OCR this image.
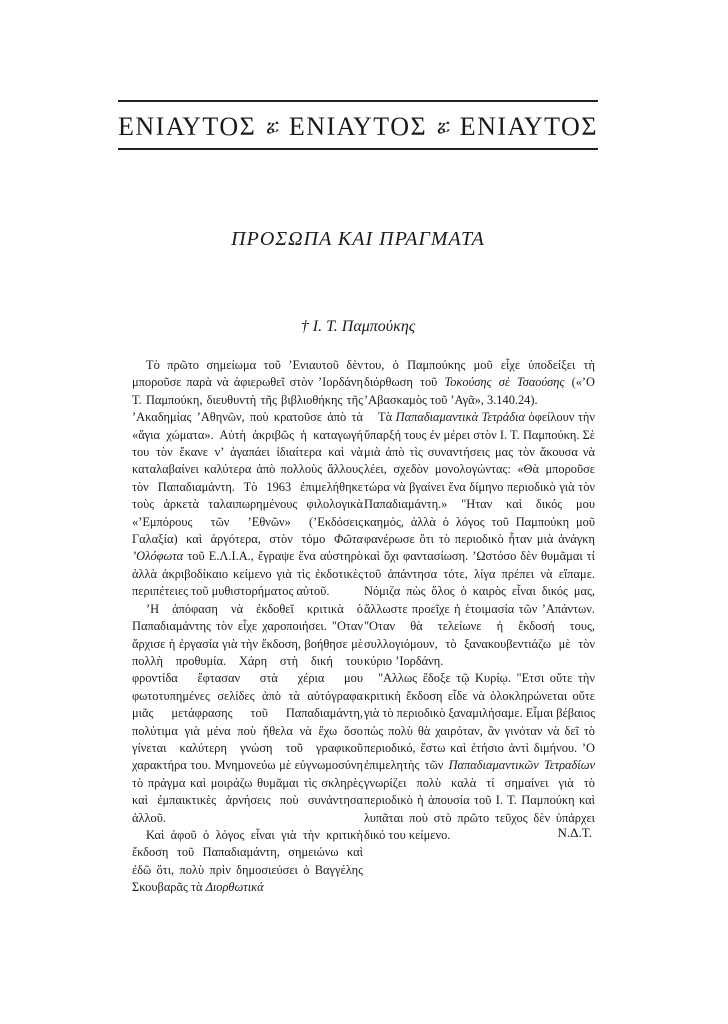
ΕΝΙΑΥΤΟΣ ፚ ΕΝΙΑΥΤΟΣ ፚ ΕΝΙΑΥΤΟΣ
ΠΡΟΣΩΠΑ ΚΑΙ ΠΡΑΓΜΑΤΑ
† Ι. Τ. Παμπούκης

Τὸ πρῶτο σημείωμα τοῦ ’Ενιαυτοῦ δὲν μποροῦσε παρὰ νὰ ἀφιερωθεῖ στὸν ’Ιορδάνη Τ. Παμπούκη, διευθυντὴ τῆς βιβλιοθήκης τῆς ’Ακαδημίας ’Αθηνῶν, ποὺ κρατοῦσε ἀπὸ τὰ «ἅγια χώματα». Αὐτὴ ἀκριβῶς ἡ καταγωγή του τὸν ἔκανε ν’ ἀγαπάει ἰδιαίτερα καὶ νὰ καταλαβαίνει καλύτερα ἀπὸ πολλοὺς ἄλλους τὸν Παπαδιαμάντη. Τὸ 1963 ἐπιμελήθηκε τοὺς ἀρκετὰ ταλαιπωρημένους φιλολογικὰ «’Εμπόρους τῶν ’Εθνῶν» (’Εκδόσεις Γαλαξία) καὶ ἀργότερα, στὸν τόμο Φῶτα ’Ολόφωτα τοῦ Ε.Λ.Ι.Α., ἔγραψε ἕνα αὐστηρὸ ἀλλὰ ἀκριβοδίκαιο κείμενο γιὰ τὶς ἐκδοτικὲς περιπέτειες τοῦ μυθιστορήματος αὐτοῦ.

’Η ἀπόφαση νὰ ἐκδοθεῖ κριτικὰ ὁ Παπαδιαμάντης τὸν εἶχε χαροποιήσει. "Οταν ἄρχισε ἡ ἐργασία γιὰ τὴν ἔκδοση, βοήθησε μὲ πολλὴ προθυμία. Χάρη στὴ δική του φροντίδα ἔφτασαν στὰ χέρια μου φωτοτυπημένες σελίδες ἀπὸ τὰ αὐτόγραφα μιᾶς μετάφρασης τοῦ Παπαδιαμάντη, πολύτιμα γιὰ μένα ποὺ ἤθελα νὰ ἔχω ὅσο γίνεται καλύτερη γνώση τοῦ γραφικοῦ χαρακτήρα του. Μνημονεύω μὲ εὐγνωμοσύνη τὸ πράγμα καὶ μοιράζω θυμᾶμαι τὶς σκληρὲς καὶ ἐμπαικτικὲς ἀρνήσεις ποὺ συνάντησα ἀλλοῦ.

Καὶ ἀφοῦ ὁ λόγος εἶναι γιὰ τὴν κριτικὴ ἔκδοση τοῦ Παπαδιαμάντη, σημειώνω καὶ ἐδῶ ὅτι, πολὺ πρὶν δημοσιεύσει ὁ Βαγγέλης Σκουβαρᾶς τὰ Διορθωτικά

του, ὁ Παμπούκης μοῦ εἶχε ὑποδείξει τὴ διόρθωση τοῦ Τοκούσης σὲ Τσαούσης («’Ο ’Αβασκαμὸς τοῦ ’Αγᾶ», 3.140.24).

Τὰ Παπαδιαμαντικὰ Τετράδια ὀφείλουν τὴν ὕπαρξή τους ἐν μέρει στὸν Ι. Τ. Παμπούκη. Σὲ μιὰ ἀπὸ τὶς συναντήσεις μας τὸν ἄκουσα νὰ λέει, σχεδὸν μονολογώντας: «Θὰ μποροῦσε τώρα νὰ βγαίνει ἕνα δίμηνο περιοδικὸ γιὰ τὸν Παπαδιαμάντη.» "Ηταν καὶ δικός μου καημός, ἀλλὰ ὁ λόγος τοῦ Παμπούκη μοῦ φανέρωσε ὅτι τὸ περιοδικὸ ἦταν μιὰ ἀνάγκη καὶ ὄχι φαντασίωση. ’Ωστόσο δὲν θυμᾶμαι τί τοῦ ἀπάντησα τότε, λίγα πρέπει νὰ εἴπαμε. Νόμιζα πὼς ὅλος ὁ καιρὸς εἶναι δικός μας, ἄλλωστε προεῖχε ἡ ἑτοιμασία τῶν ’Απάντων. "Οταν θὰ τελείωνε ἡ ἔκδοσή τους, συλλογιόμουν, τὸ ξανακουβεντιάζω μὲ τὸν κύριο ’Ιορδάνη.

"Αλλως ἔδοξε τῷ Κυρίῳ. "Ετσι οὔτε τὴν κριτικὴ ἔκδοση εἶδε νὰ ὁλοκληρώνεται οὔτε γιὰ τὸ περιοδικὸ ξαναμιλήσαμε. Εἶμαι βέβαιος πὼς πολὺ θὰ χαιρόταν, ἂν γινόταν νὰ δεῖ τὸ περιοδικό, ἔστω καὶ ἐτήσιο ἀντὶ διμήνου. ’Ο ἐπιμελητὴς τῶν Παπαδιαμαντικῶν Τετραδίων γνωρίζει πολὺ καλὰ τί σημαίνει γιὰ τὸ περιοδικὸ ἡ ἀπουσία τοῦ Ι. Τ. Παμπούκη καὶ λυπᾶται ποὺ στὸ πρῶτο τεῦχος δὲν ὑπάρχει δικό του κείμενο.	Ν.Δ.Τ.
